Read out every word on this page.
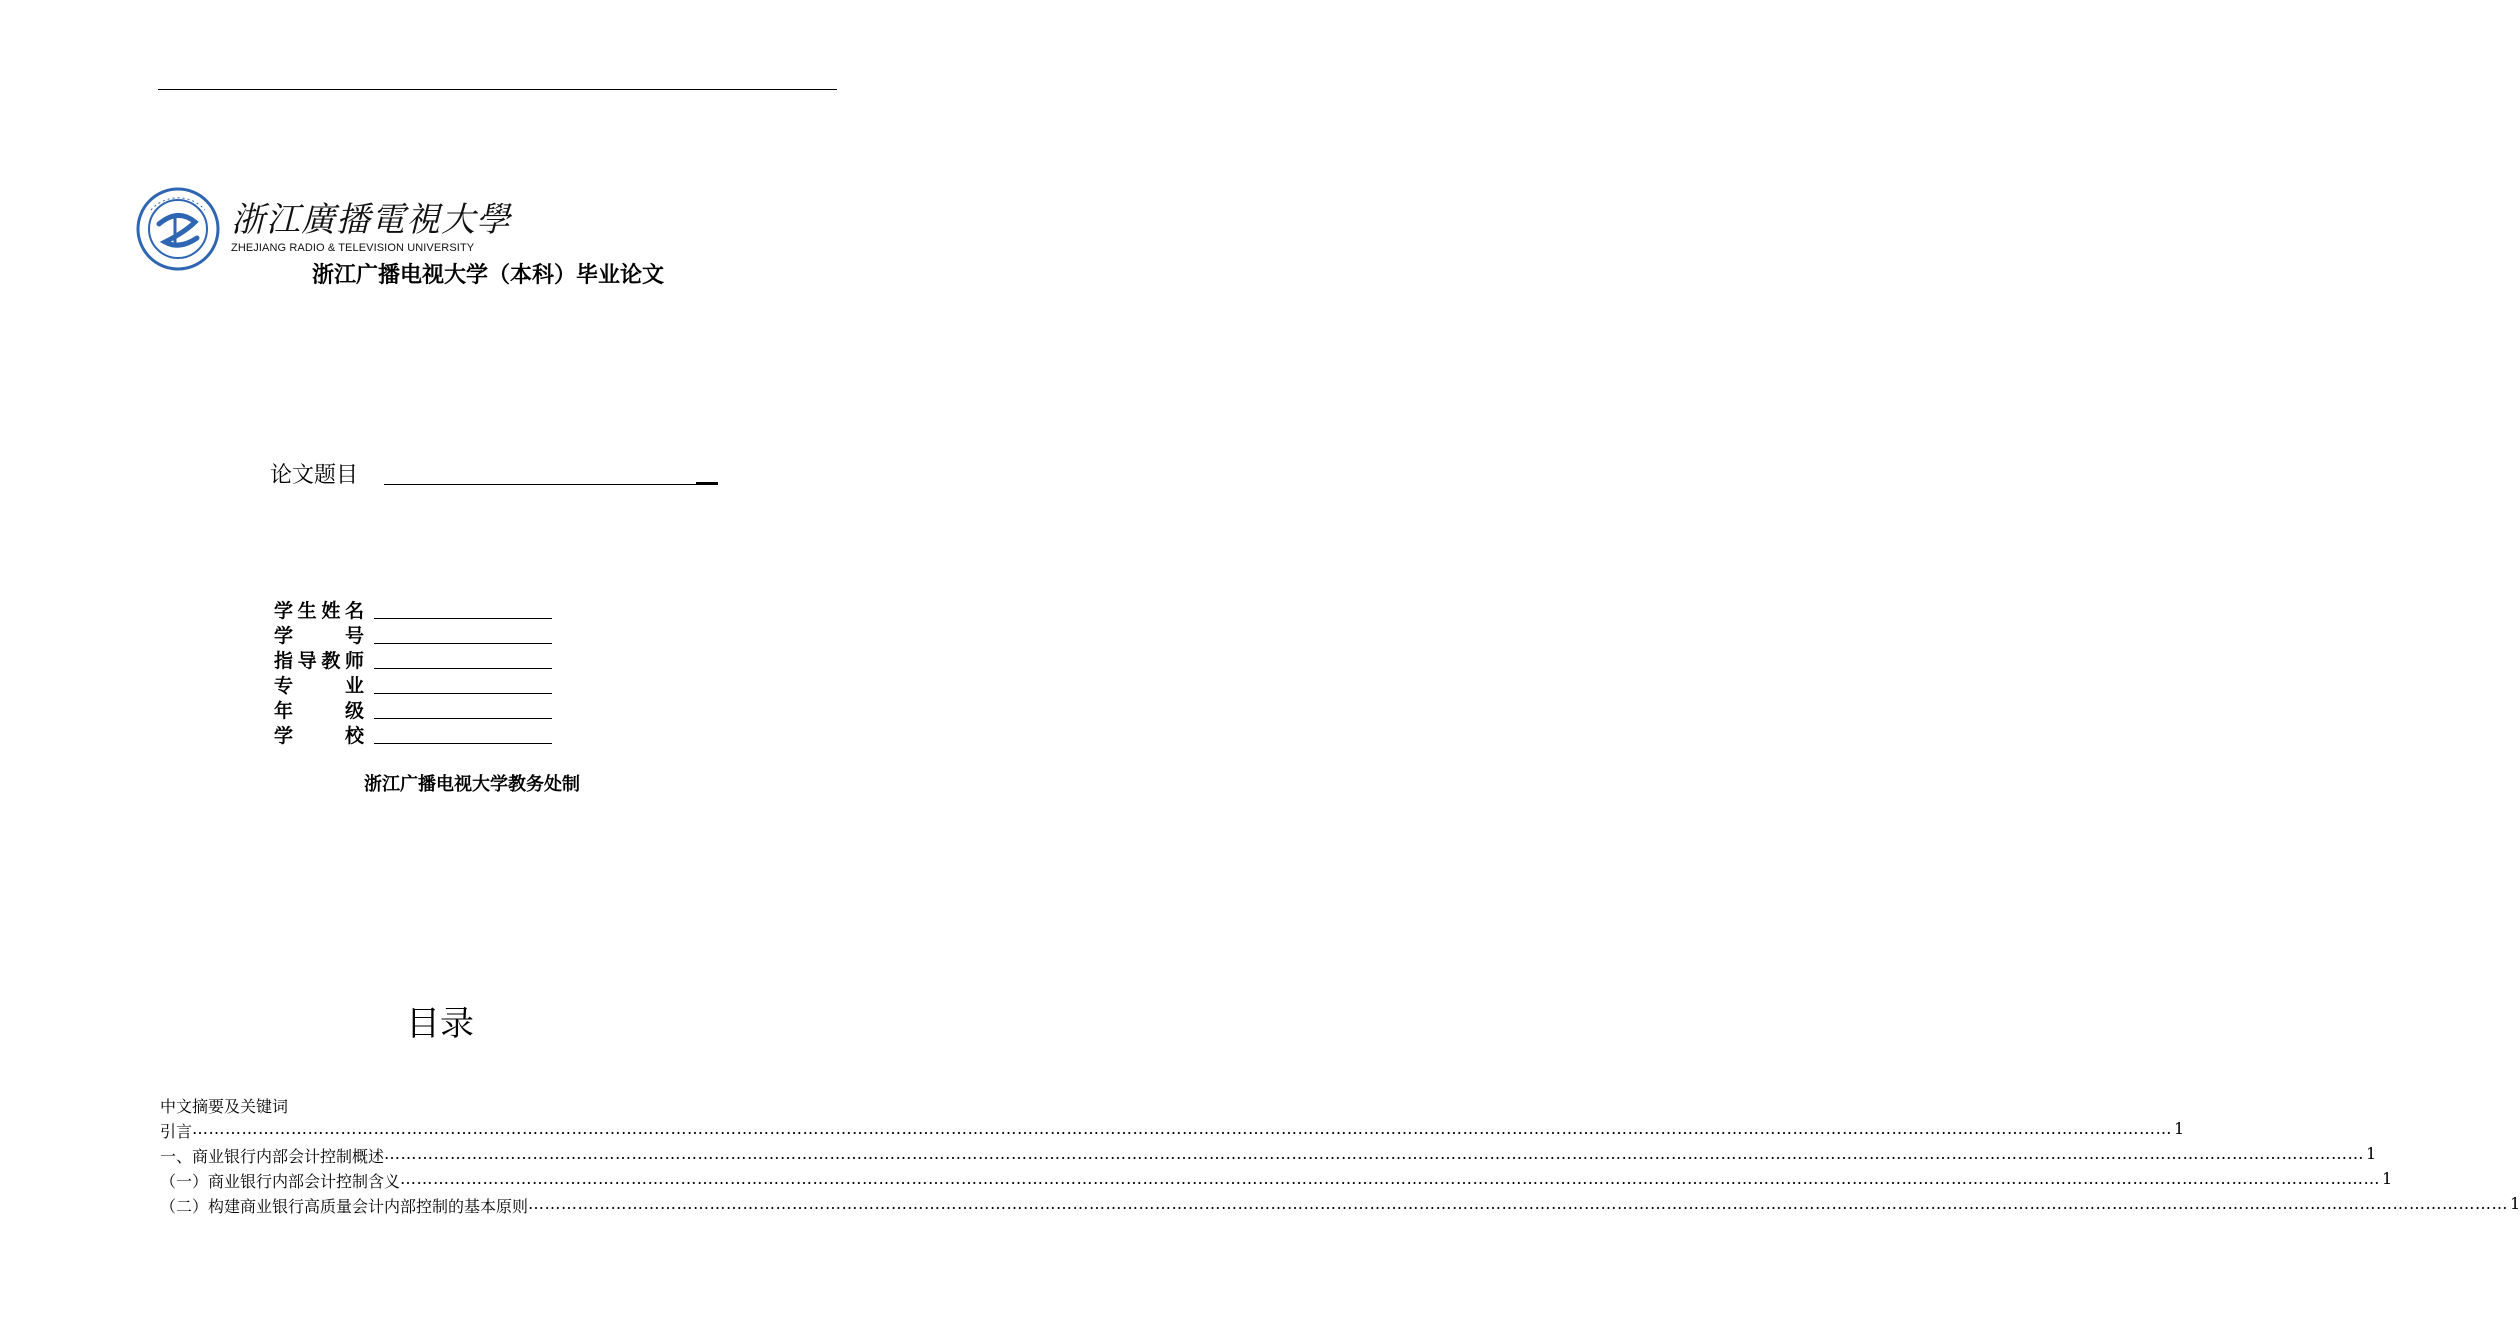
浙江廣播電視大學
ZHEJIANG RADIO & TELEVISION UNIVERSITY
浙江广播电视大学（本科）毕业论文
论文题目
学 生 姓 名
学	号
指 导 教 师
专	业
年	级
学	校
浙江广播电视大学教务处制
目录
中文摘要及关键词
引言 ……………………………………………………………………………………………………………………………………………………………………………………………………………………………………………………………………………………………………………………………… 1
一、商业银行内部会计控制概述 ……………………………………………………………………………………………………………………………………………………………………………………………………………………………………………………………………………………………………………………………… 1
（一）商业银行内部会计控制含义 ……………………………………………………………………………………………………………………………………………………………………………………………………………………………………………………………………………………………………………………………… 1
（二）构建商业银行高质量会计内部控制的基本原则 ……………………………………………………………………………………………………………………………………………………………………………………………………………………………………………………………………………………………………………………………… 1
